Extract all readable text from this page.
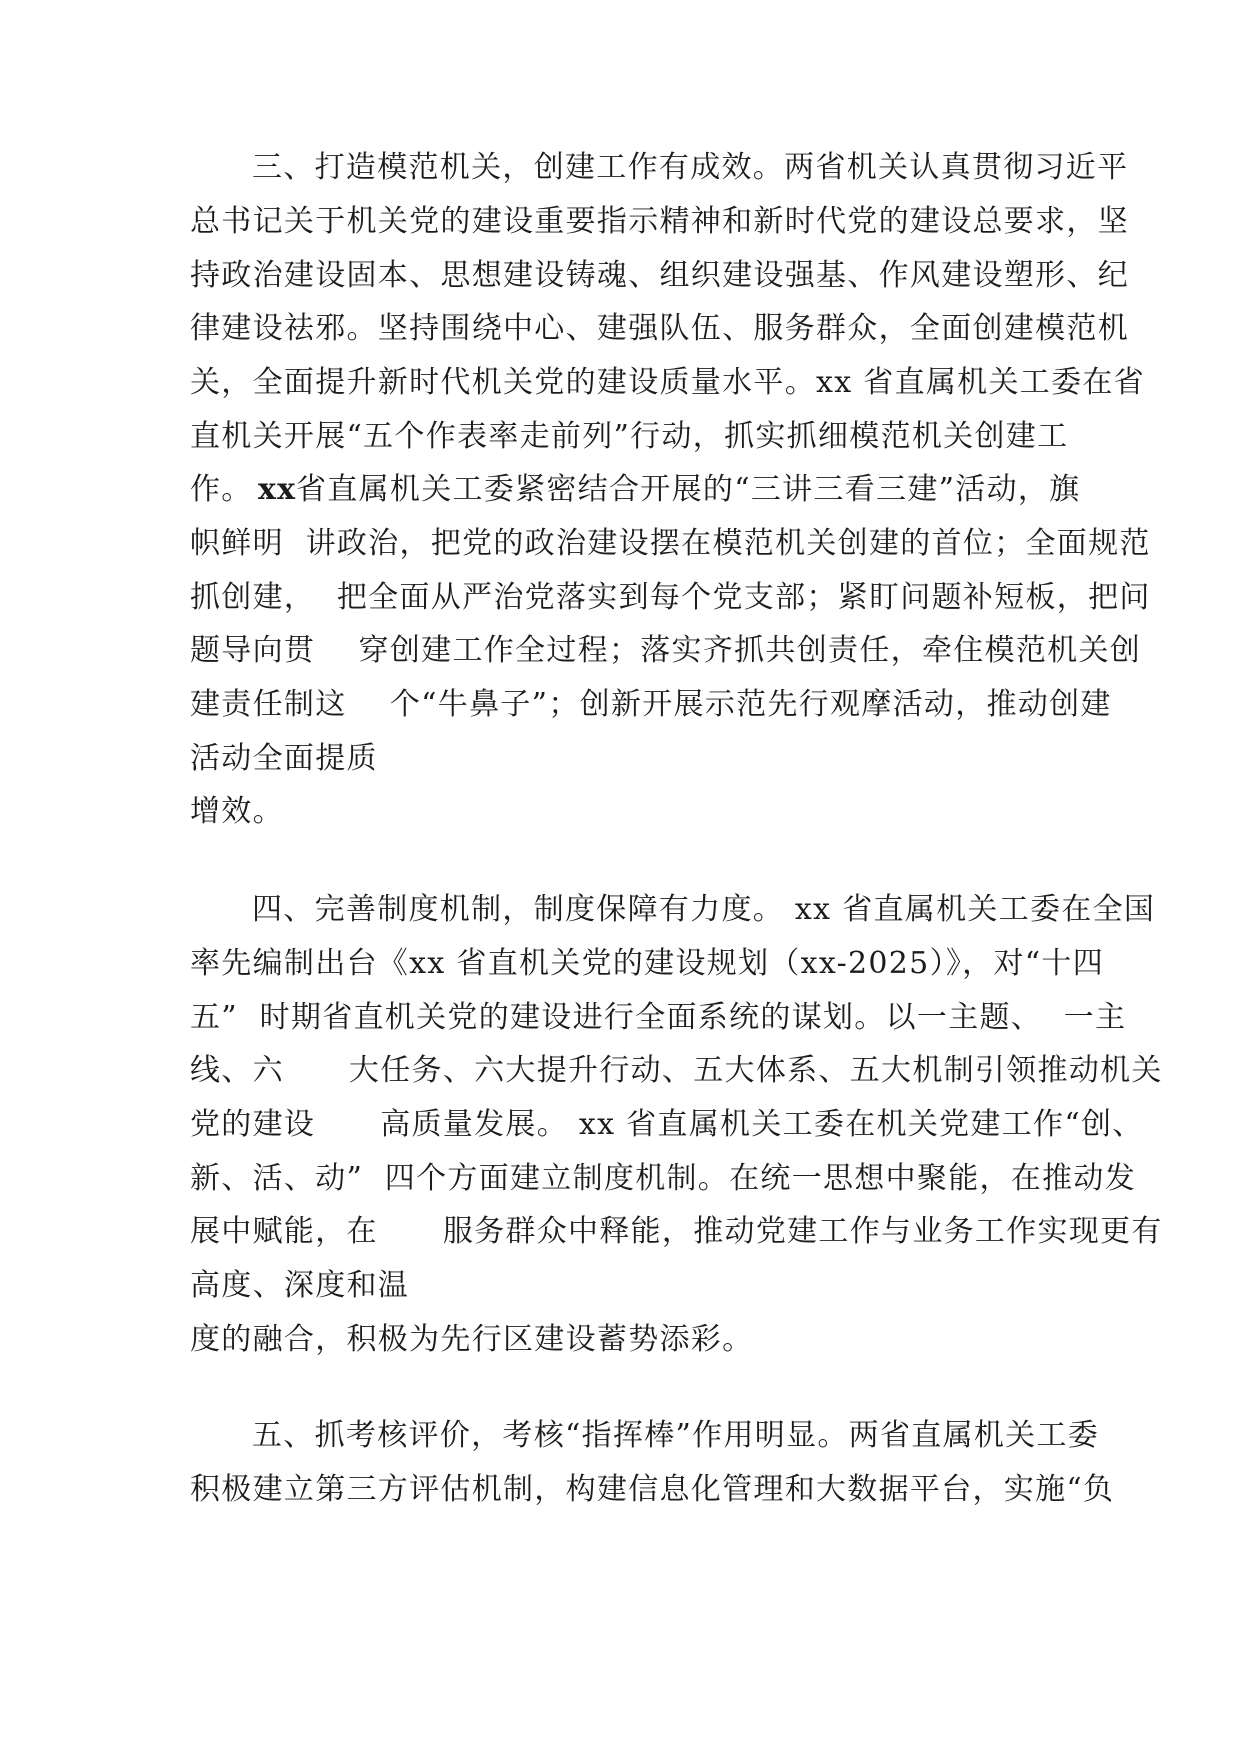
三、打造模范机关，创建工作有成效。两省机关认真贯彻习近平

总书记关于机关党的建设重要指示精神和新时代党的建设总要求，坚

持政治建设固本、思想建设铸魂、组织建设强基、作风建设塑形、纪

律建设祛邪。坚持围绕中心、建强队伍、服务群众，全面创建模范机

关，全面提升新时代机关党的建设质量水平。xx 省直属机关工委在省

直机关开展“五个作表率走前列”行动，抓实抓细模范机关创建工

作。 xx 省直属机关工委紧密结合开展的“三讲三看三建”活动，旗

帜鲜明  讲政治，把党的政治建设摆在模范机关创建的首位；全面规范

抓创建，  把全面从严治党落实到每个党支部；紧盯问题补短板，把问

题导向贯    穿创建工作全过程；落实齐抓共创责任，牵住模范机关创

建责任制这    个“牛鼻子”；创新开展示范先行观摩活动，推动创建

活动全面提质

增效。

四、完善制度机制，制度保障有力度。 xx 省直属机关工委在全国

率先编制出台《xx 省直机关党的建设规划（xx-2025）》，对“十四

五”  时期省直机关党的建设进行全面系统的谋划。以一主题、  一主

线、六      大任务、六大提升行动、五大体系、五大机制引领推动机关

党的建设      高质量发展。 xx 省直属机关工委在机关党建工作“创、

新、活、动”  四个方面建立制度机制。在统一思想中聚能，在推动发

展中赋能，在      服务群众中释能，推动党建工作与业务工作实现更有

高度、深度和温

度的融合，积极为先行区建设蓄势添彩。

五、抓考核评价，考核“指挥棒”作用明显。两省直属机关工委

积极建立第三方评估机制，构建信息化管理和大数据平台，实施“负
